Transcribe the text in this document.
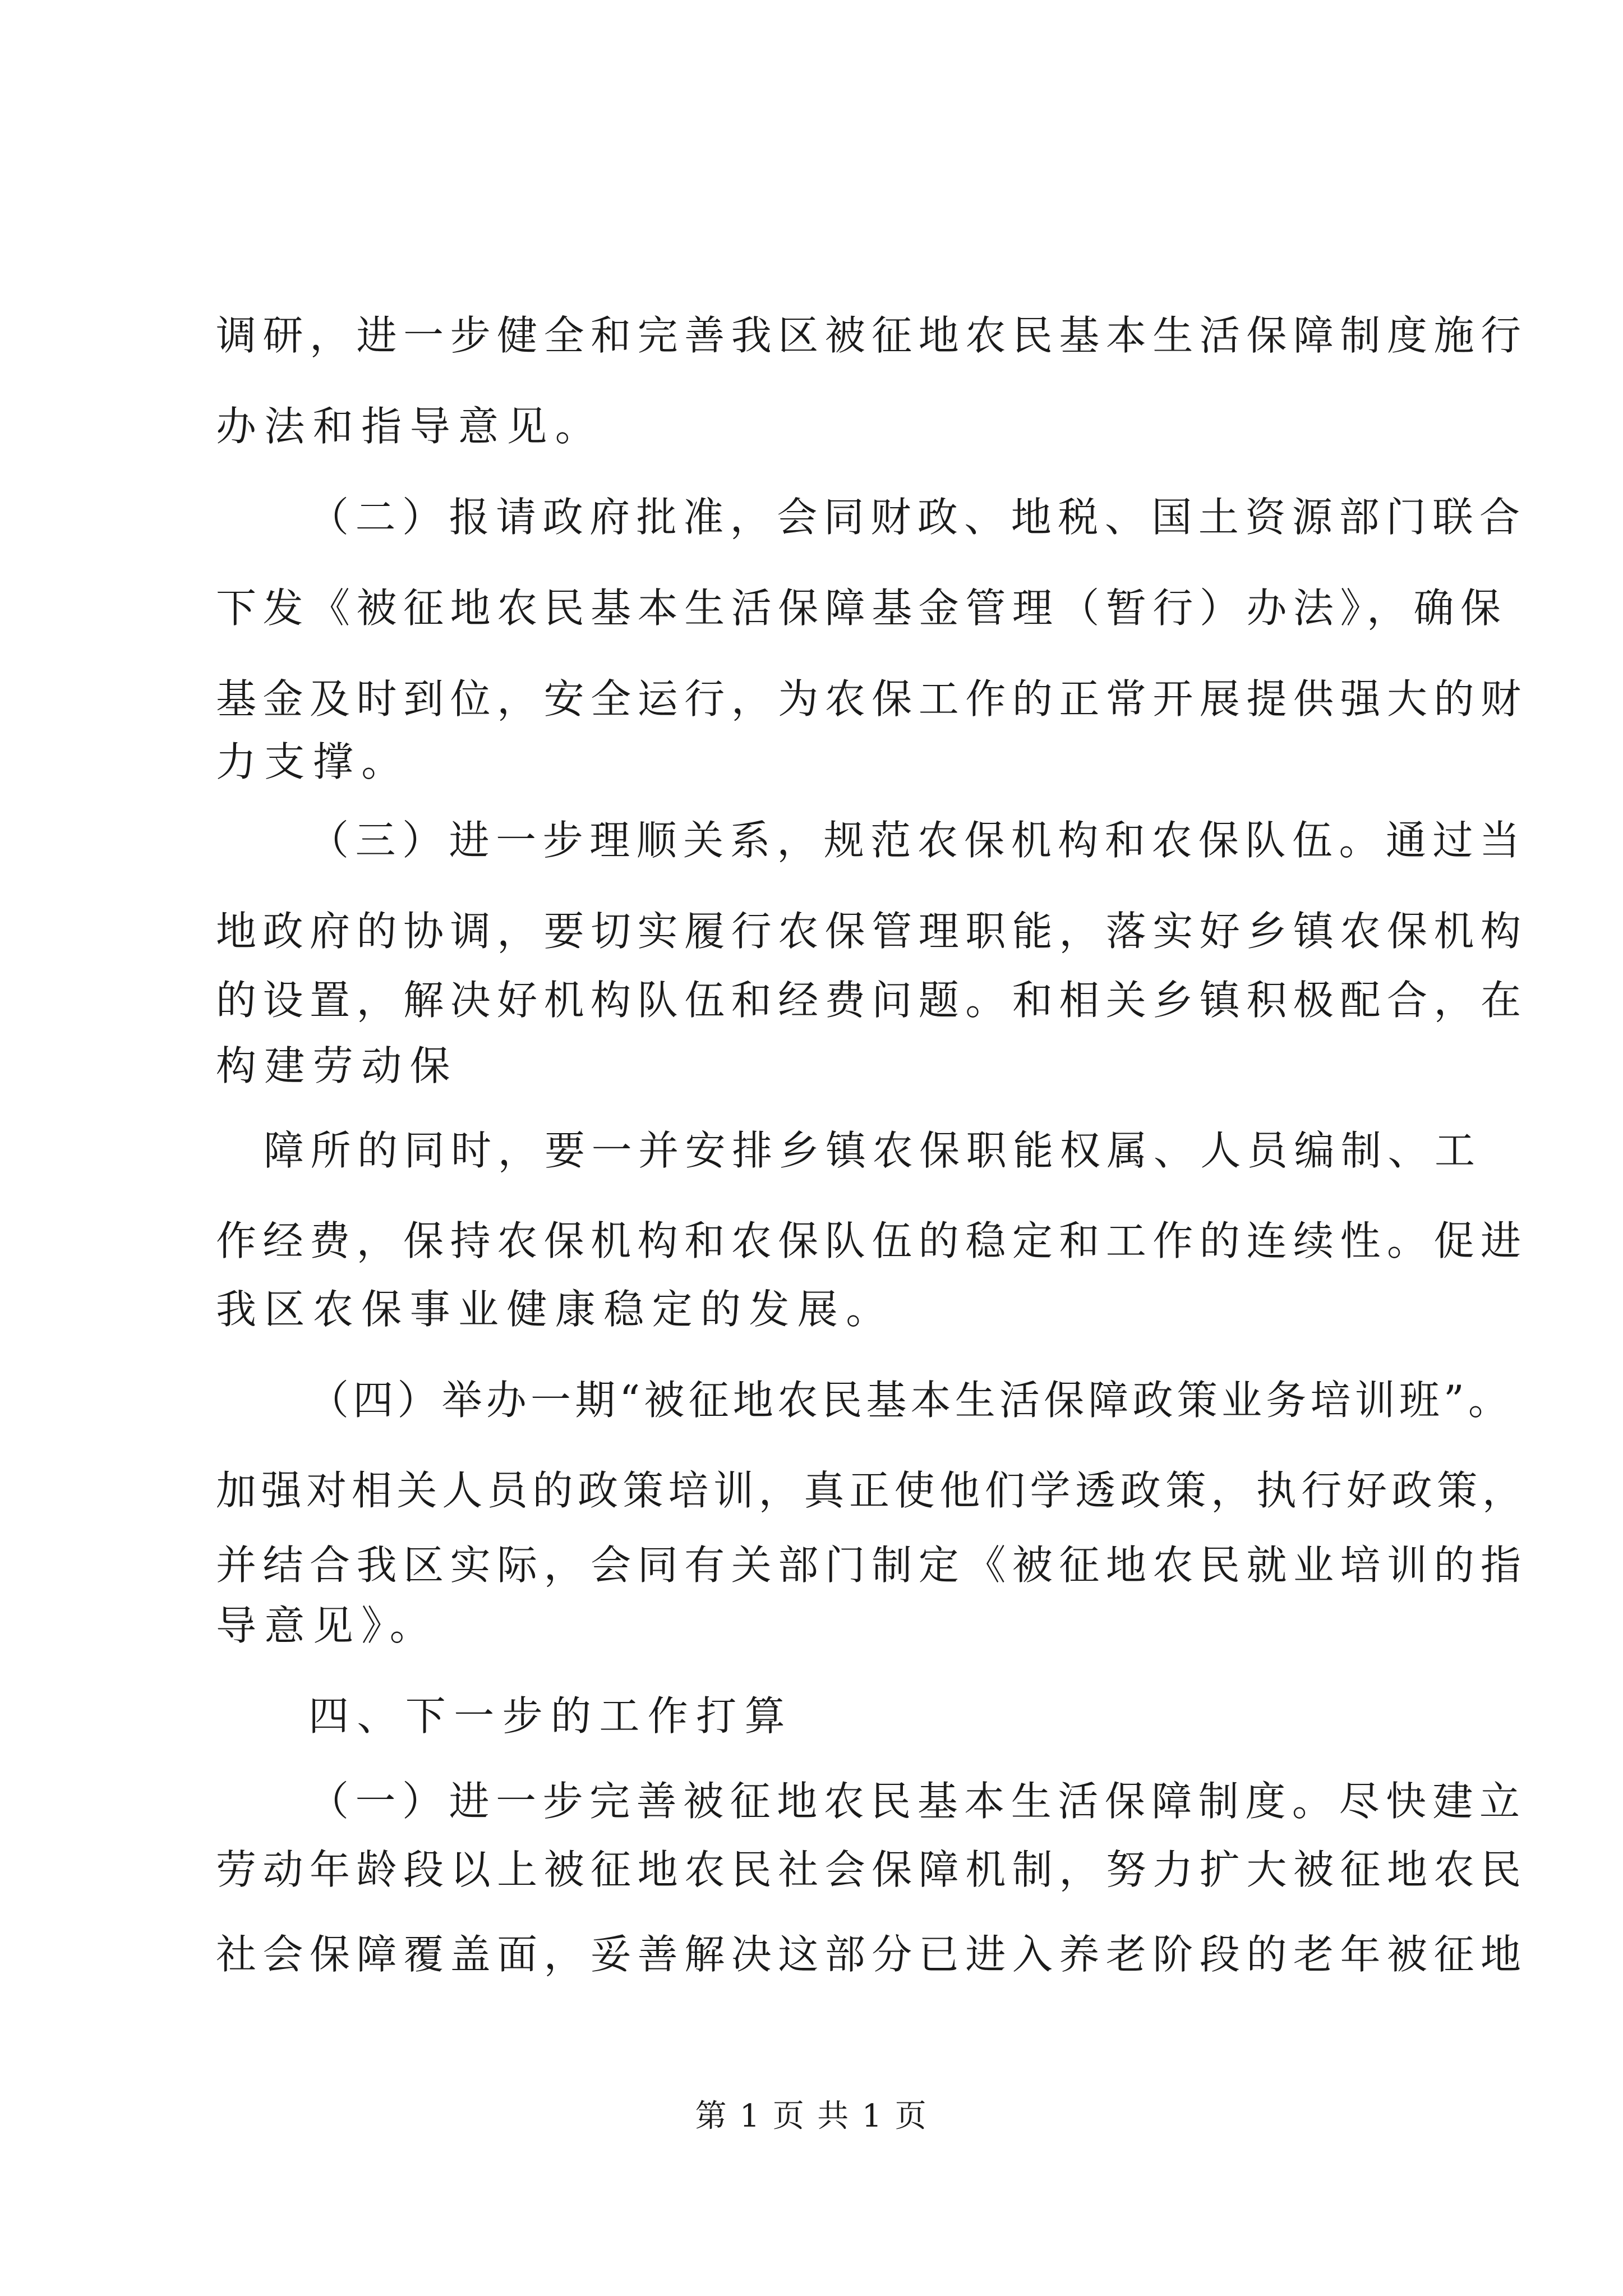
调研，进一步健全和完善我区被征地农民基本生活保障制度施行
办法和指导意见。
（二）报请政府批准，会同财政、地税、国土资源部门联合
下发《被征地农民基本生活保障基金管理（暂行）办法》，确保
基金及时到位，安全运行，为农保工作的正常开展提供强大的财
力支撑。
（三）进一步理顺关系，规范农保机构和农保队伍。通过当
地政府的协调，要切实履行农保管理职能，落实好乡镇农保机构
的设置，解决好机构队伍和经费问题。和相关乡镇积极配合，在
构建劳动保
障所的同时，要一并安排乡镇农保职能权属、人员编制、工
作经费，保持农保机构和农保队伍的稳定和工作的连续性。促进
我区农保事业健康稳定的发展。
（四）举办一期“被征地农民基本生活保障政策业务培训班”。
加强对相关人员的政策培训，真正使他们学透政策，执行好政策，
并结合我区实际，会同有关部门制定《被征地农民就业培训的指
导意见》。
四、下一步的工作打算
（一）进一步完善被征地农民基本生活保障制度。尽快建立
劳动年龄段以上被征地农民社会保障机制，努力扩大被征地农民
社会保障覆盖面，妥善解决这部分已进入养老阶段的老年被征地
第 1 页 共 1 页
